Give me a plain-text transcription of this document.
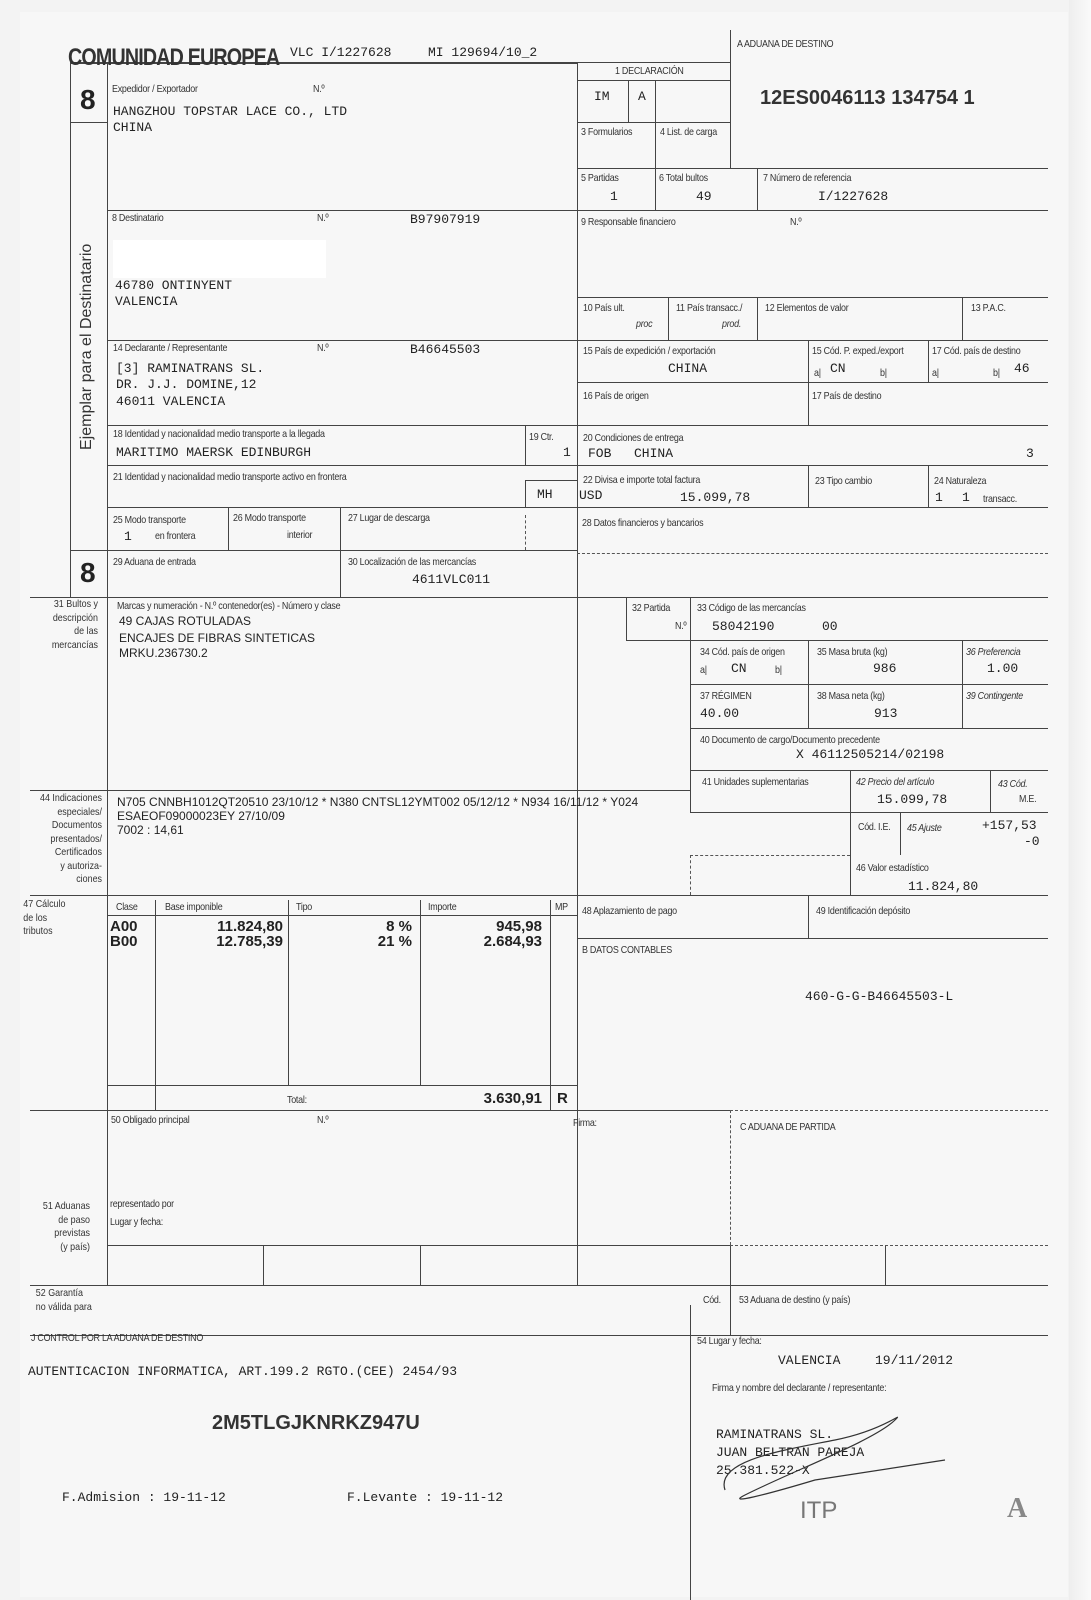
COMUNIDAD EUROPEA VLC I/1227628	MI 129694/10_2
8
8
Ejemplar para el Destinatario
A ADUANA DE DESTINO
12ES0046113 134754 1
1 DECLARACIÓN
IM A
Expedidor / Exportador	N.º
HANGZHOU TOPSTAR LACE CO., LTD
CHINA	3 Formularios	4 List. de carga
5 Partidas
1
6 Total bultos
49
7 Número de referencia
I/1227628
8 Destinatario	N.º	B97907919
46780 ONTINYENT
VALENCIA
9 Responsable financiero	N.º
10 País ult.
proc
11 País transacc./
prod.
12 Elementos de valor	13 P.A.C.
14 Declarante / Representante	N.º	B46645503
[3] RAMINATRANS SL.
DR. J.J. DOMINE,12
46011 VALENCIA
15 País de expedición / exportación
CHINA
15 Cód. P. exped./export
a| CN	b|
17 Cód. país de destino
a|	b| 46
16 País de origen	17 País de destino
18 Identidad y nacionalidad medio transporte a la llegada
MARITIMO MAERSK EDINBURGH
19 Ctr.
1
20 Condiciones de entrega
FOB CHINA	3
21 Identidad y nacionalidad medio transporte activo en frontera
MH
22 Divisa e importe total factura
USD	15.099,78
23 Tipo cambio	24 Naturaleza
1 1 transacc.
25 Modo transporte
1 en frontera
26 Modo transporte
interior
27 Lugar de descarga	28 Datos financieros y bancarios
29 Aduana de entrada	30 Localización de las mercancías
4611VLC011
31 Bultos y
descripción
de las
mercancías
Marcas y numeración - N.º contenedor(es) - Número y clase
49 CAJAS ROTULADAS
ENCAJES DE FIBRAS SINTETICAS
MRKU.236730.2
32 Partida
N.º
33 Código de las mercancías
58042190	00
34 Cód. país de origen
a| CN	b|
35 Masa bruta (kg)
986
36 Preferencia
1.00
37 RÉGIMEN
40.00
38 Masa neta (kg)
913
39 Contingente
40 Documento de cargo/Documento precedente
X 46112505214/02198
41 Unidades suplementarias	42 Precio del artículo
15.099,78
43 Cód.
M.E.
44 Indicaciones
especiales/
Documentos
presentados/
Certificados
y autoriza-
ciones
N705 CNNBH1012QT20510 23/10/12 * N380 CNTSL12YMT002 05/12/12 * N934 16/11/12 * Y024
ESAEOF09000023EY 27/10/09
7002 : 14,61	Cód. I.E. 45 Ajuste	+157,53
-0
46 Valor estadístico
11.824,80
47 Cálculo
de los
tributos
Clase	Base imponible	Tipo	Importe	MP
A00	11.824,80	8 %	945,98
B00	12.785,39	21 %	2.684,93
Total:	3.630,91 R
48 Aplazamiento de pago	49 Identificación depósito
B DATOS CONTABLES
460-G-G-B46645503-L
50 Obligado principal	N.º	Firma:	C ADUANA DE PARTIDA
representado por
Lugar y fecha:
51 Aduanas
de paso
previstas
(y país)
52 Garantía
no válida para
Cód. 53 Aduana de destino (y país)
J CONTROL POR LA ADUANA DE DESTINO
AUTENTICACION INFORMATICA, ART.199.2 RGTO.(CEE) 2454/93
2M5TLGJKNRKZ947U
F.Admision : 19-11-12	F.Levante : 19-11-12
54 Lugar y fecha:
VALENCIA	19/11/2012
Firma y nombre del declarante / representante:
RAMINATRANS SL.
JUAN BELTRAN PAREJA
25.381.522-X
ITP	A
